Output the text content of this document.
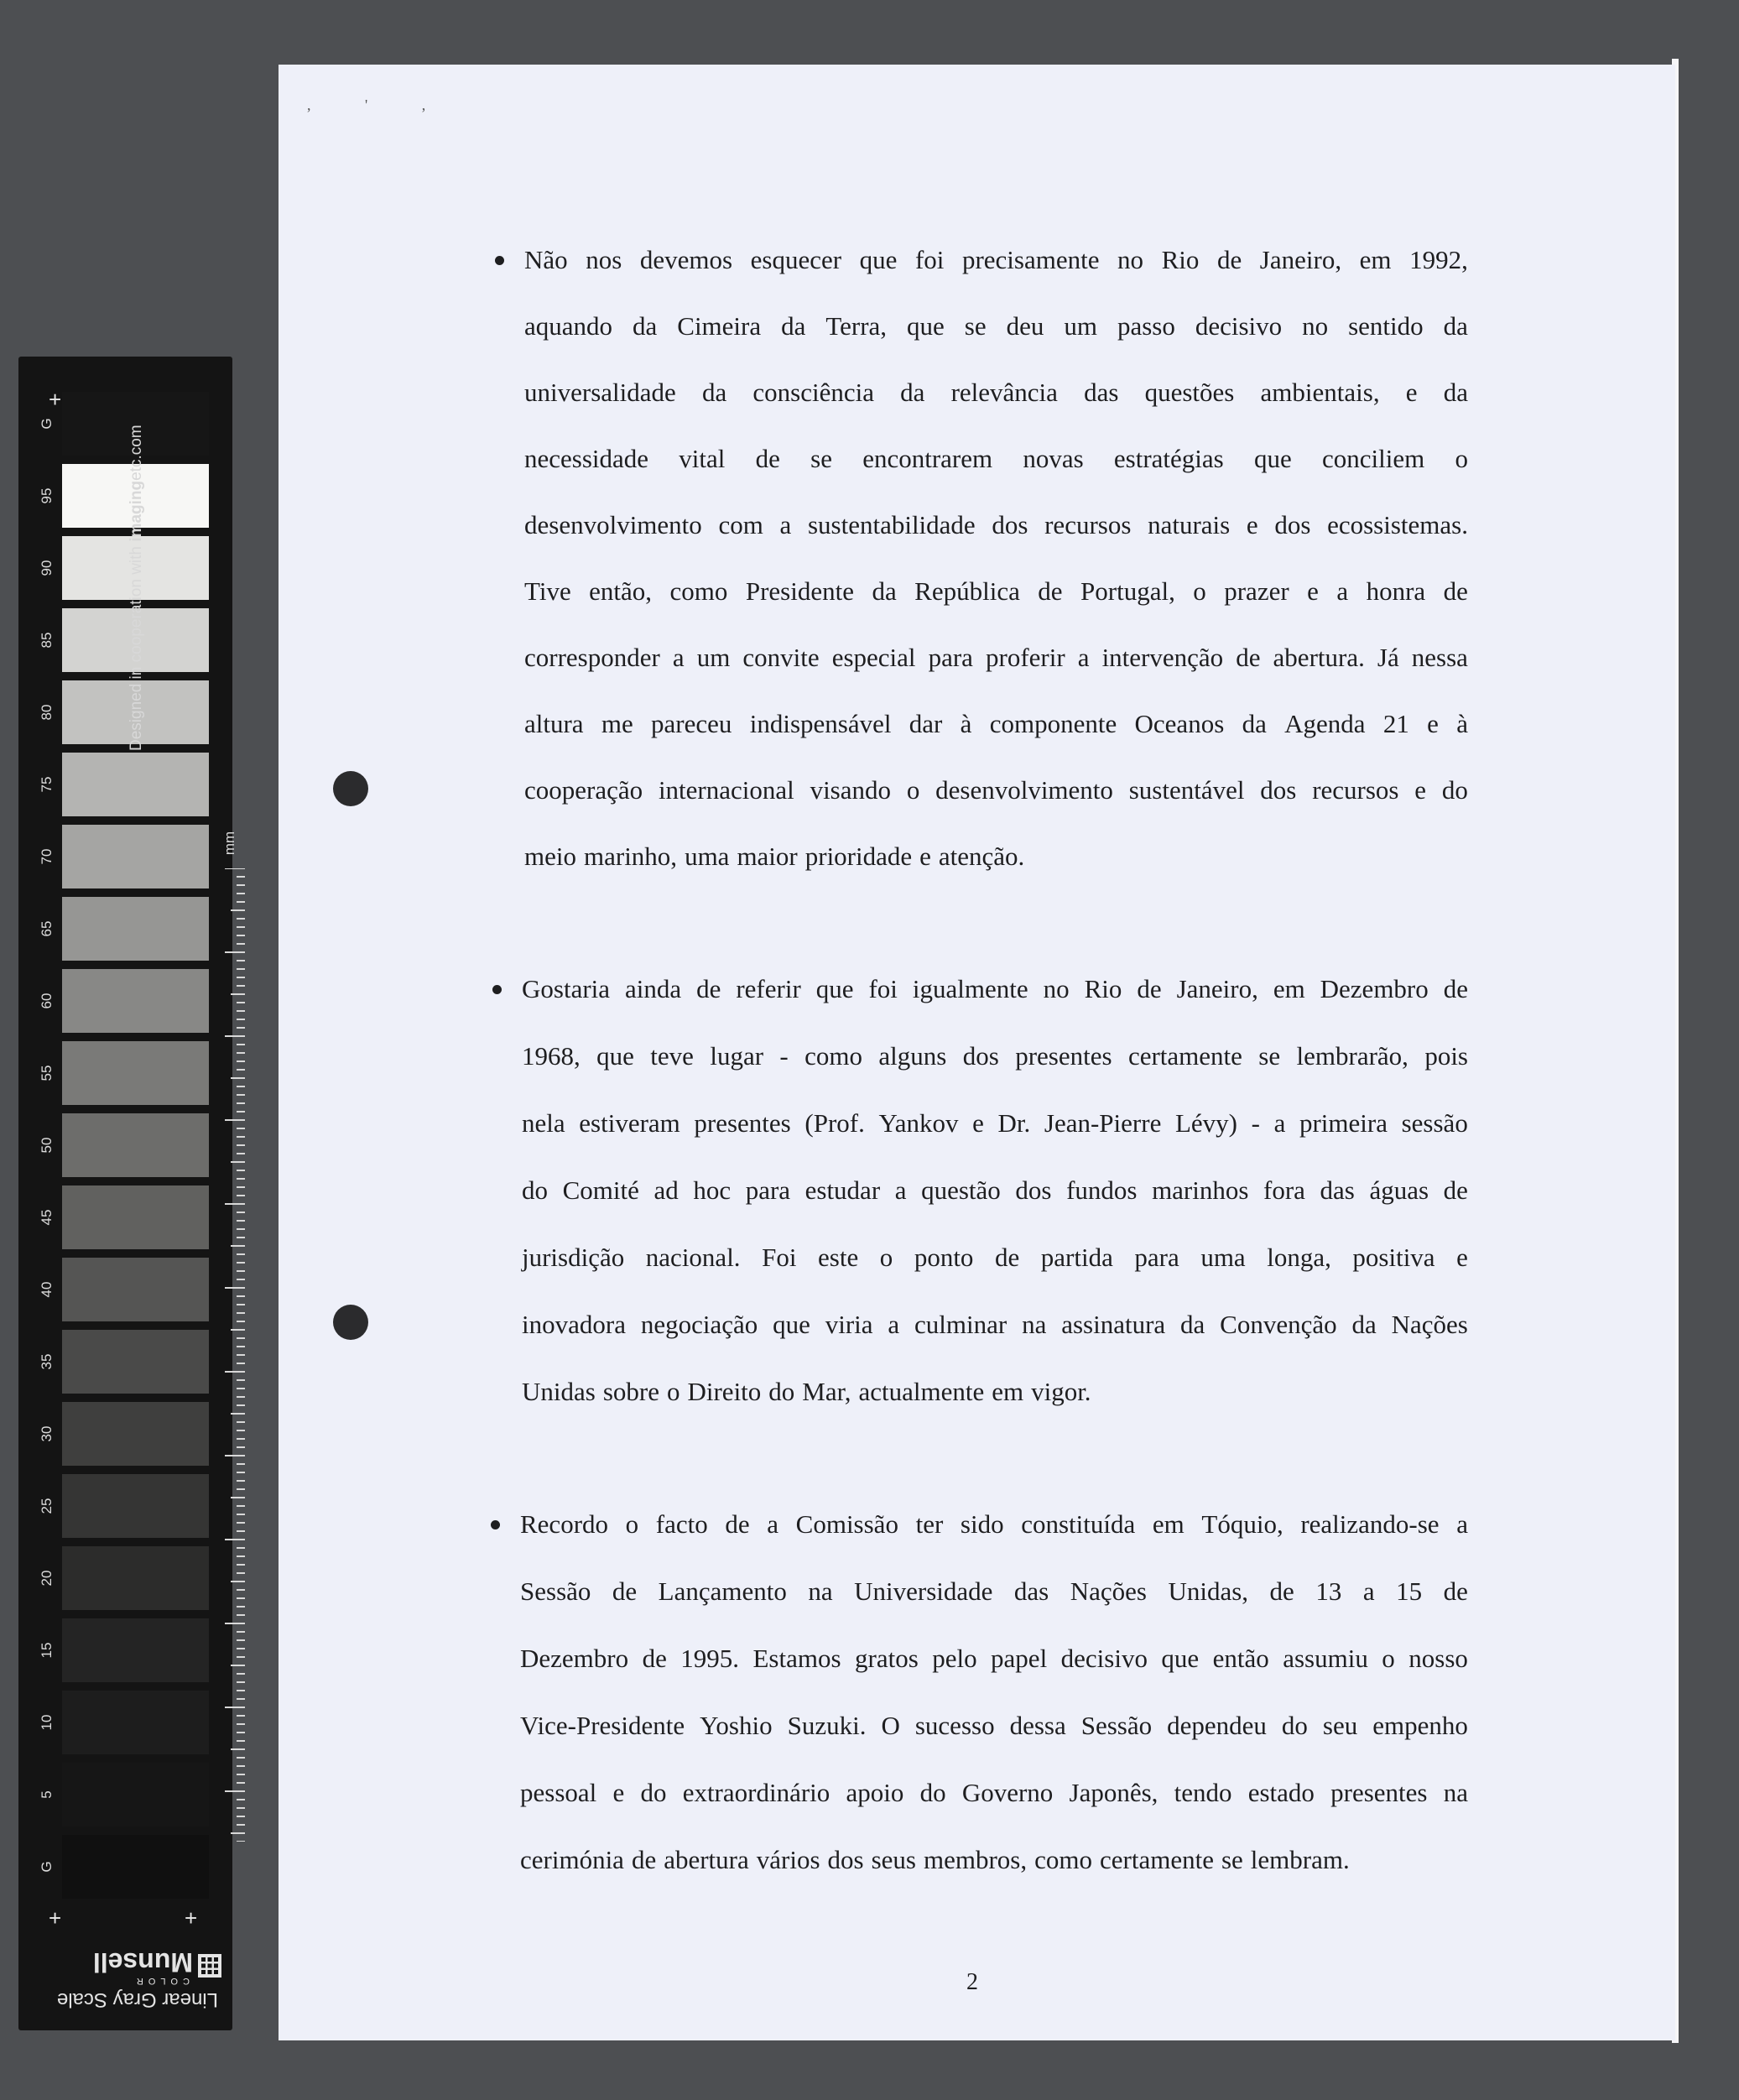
+
+	+
G
95
90
85
80
75
70
65
60
55
50
45
40
35
30
25
20
15
10
5
G
Designed in cooperation with imagingetc.com
mm
Linear Gray Scale
COLOR
Munsell
, ' ,
2
Não nos devemos esquecer que foi precisamente no Rio de Janeiro, em 1992,
aquando da Cimeira da Terra, que se deu um passo decisivo no sentido da
universalidade da consciência da relevância das questões ambientais, e da
necessidade vital de se encontrarem novas estratégias que conciliem o
desenvolvimento com a sustentabilidade dos recursos naturais e dos ecossistemas.
Tive então, como Presidente da República de Portugal, o prazer e a honra de
corresponder a um convite especial para proferir a intervenção de abertura. Já nessa
altura me pareceu indispensável dar à componente Oceanos da Agenda 21 e à
cooperação internacional visando o desenvolvimento sustentável dos recursos e do
meio marinho, uma maior prioridade e atenção.
Gostaria ainda de referir que foi igualmente no Rio de Janeiro, em Dezembro de
1968, que teve lugar - como alguns dos presentes certamente se lembrarão, pois
nela estiveram presentes (Prof. Yankov e Dr. Jean-Pierre Lévy) - a primeira sessão
do Comité ad hoc para estudar a questão dos fundos marinhos fora das águas de
jurisdição nacional. Foi este o ponto de partida para uma longa, positiva e
inovadora negociação que viria a culminar na assinatura da Convenção da Nações
Unidas sobre o Direito do Mar, actualmente em vigor.
Recordo o facto de a Comissão ter sido constituída em Tóquio, realizando-se a
Sessão de Lançamento na Universidade das Nações Unidas, de 13 a 15 de
Dezembro de 1995. Estamos gratos pelo papel decisivo que então assumiu o nosso
Vice-Presidente Yoshio Suzuki. O sucesso dessa Sessão dependeu do seu empenho
pessoal e do extraordinário apoio do Governo Japonês, tendo estado presentes na
cerimónia de abertura vários dos seus membros, como certamente se lembram.
